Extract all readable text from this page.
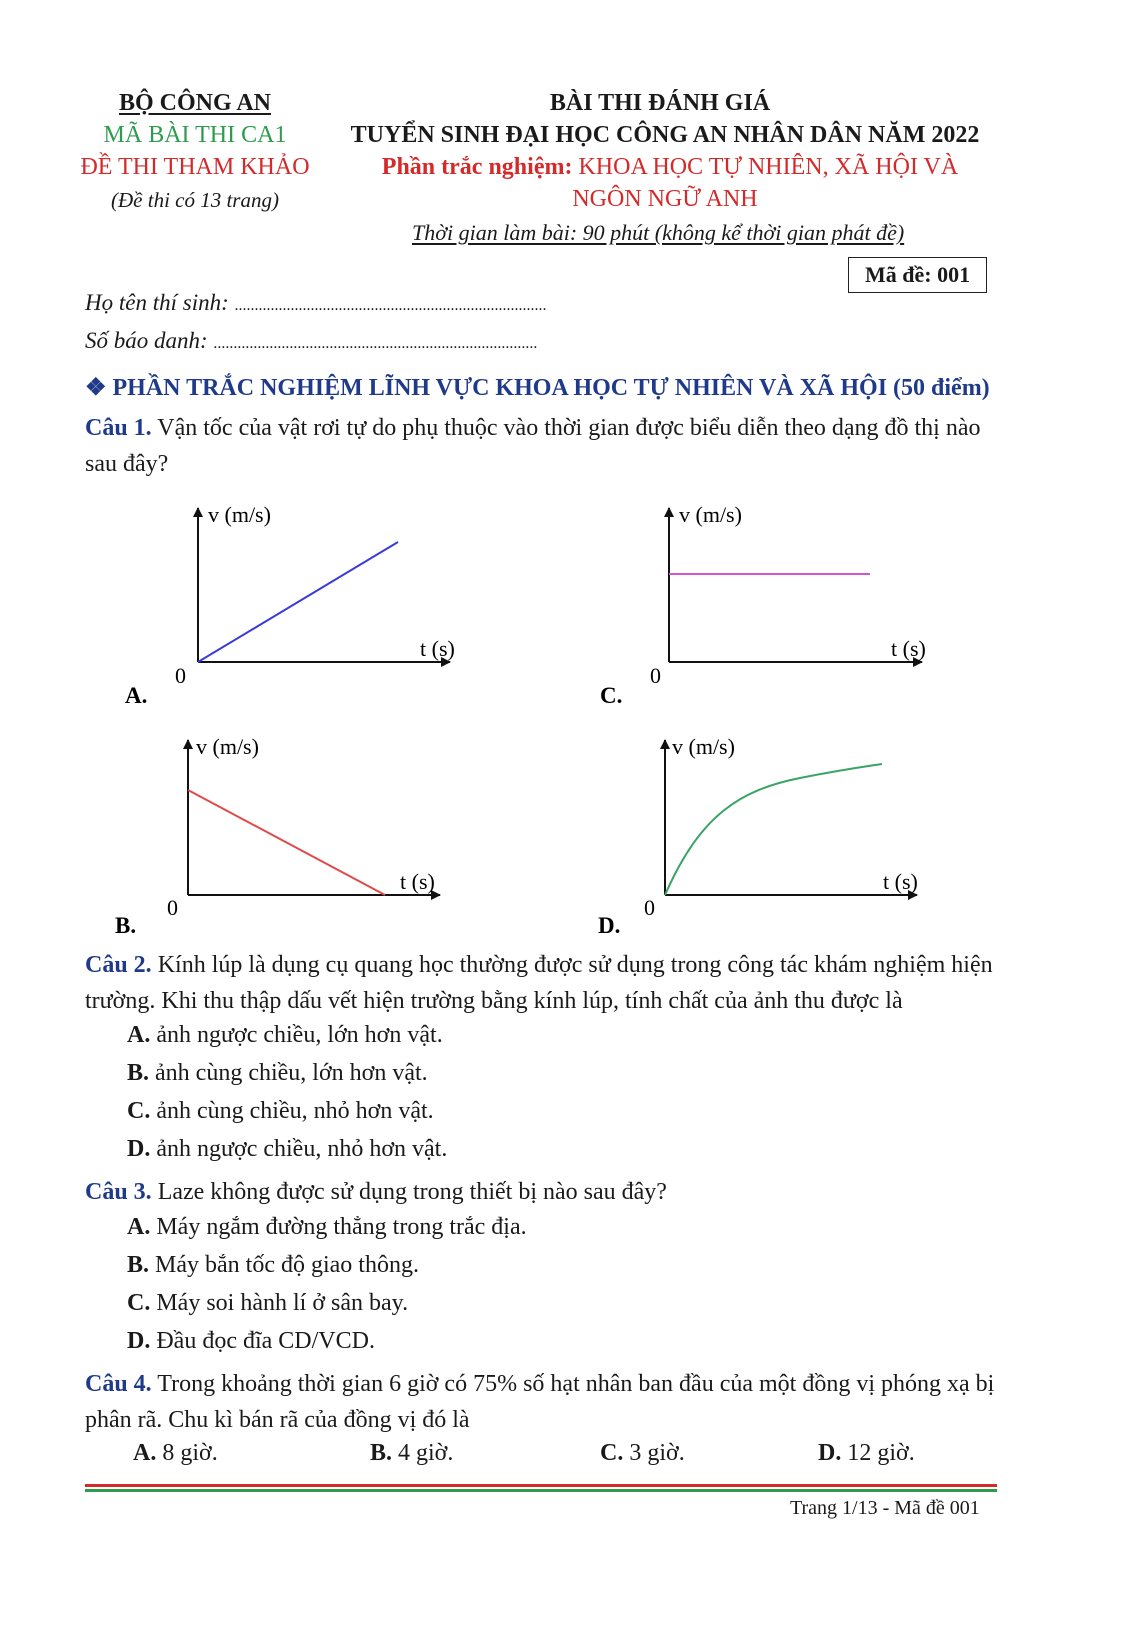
BỘ CÔNG AN
MÃ BÀI THI CA1
ĐỀ THI THAM KHẢO
(Đề thi có 13 trang)
BÀI THI ĐÁNH GIÁ
TUYỂN SINH ĐẠI HỌC CÔNG AN NHÂN DÂN NĂM 2022
Phần trắc nghiệm: KHOA HỌC TỰ NHIÊN, XÃ HỘI VÀ
NGÔN NGỮ ANH
Thời gian làm bài: 90 phút (không kể thời gian phát đề)
Mã đề: 001
Họ tên thí sinh: ..............................................................................
Số báo danh: .................................................................................
❖ PHẦN TRẮC NGHIỆM LĨNH VỰC KHOA HỌC TỰ NHIÊN VÀ XÃ HỘI (50 điểm)
Câu 1. Vận tốc của vật rơi tự do phụ thuộc vào thời gian được biểu diễn theo dạng đồ thị nào sau đây?
v (m/s)
t (s)
0
A.
v (m/s)
t (s)
0
C.
v (m/s)
t (s)
0
B.
v (m/s)
t (s)
0
D.
Câu 2. Kính lúp là dụng cụ quang học thường được sử dụng trong công tác khám nghiệm hiện trường. Khi thu thập dấu vết hiện trường bằng kính lúp, tính chất của ảnh thu được là
A. ảnh ngược chiều, lớn hơn vật.
B. ảnh cùng chiều, lớn hơn vật.
C. ảnh cùng chiều, nhỏ hơn vật.
D. ảnh ngược chiều, nhỏ hơn vật.
Câu 3. Laze không được sử dụng trong thiết bị nào sau đây?
A. Máy ngắm đường thẳng trong trắc địa.
B. Máy bắn tốc độ giao thông.
C. Máy soi hành lí ở sân bay.
D. Đầu đọc đĩa CD/VCD.
Câu 4. Trong khoảng thời gian 6 giờ có 75% số hạt nhân ban đầu của một đồng vị phóng xạ bị phân rã. Chu kì bán rã của đồng vị đó là
A. 8 giờ.	B. 4 giờ.	C. 3 giờ.	D. 12 giờ.
Trang 1/13 - Mã đề 001
